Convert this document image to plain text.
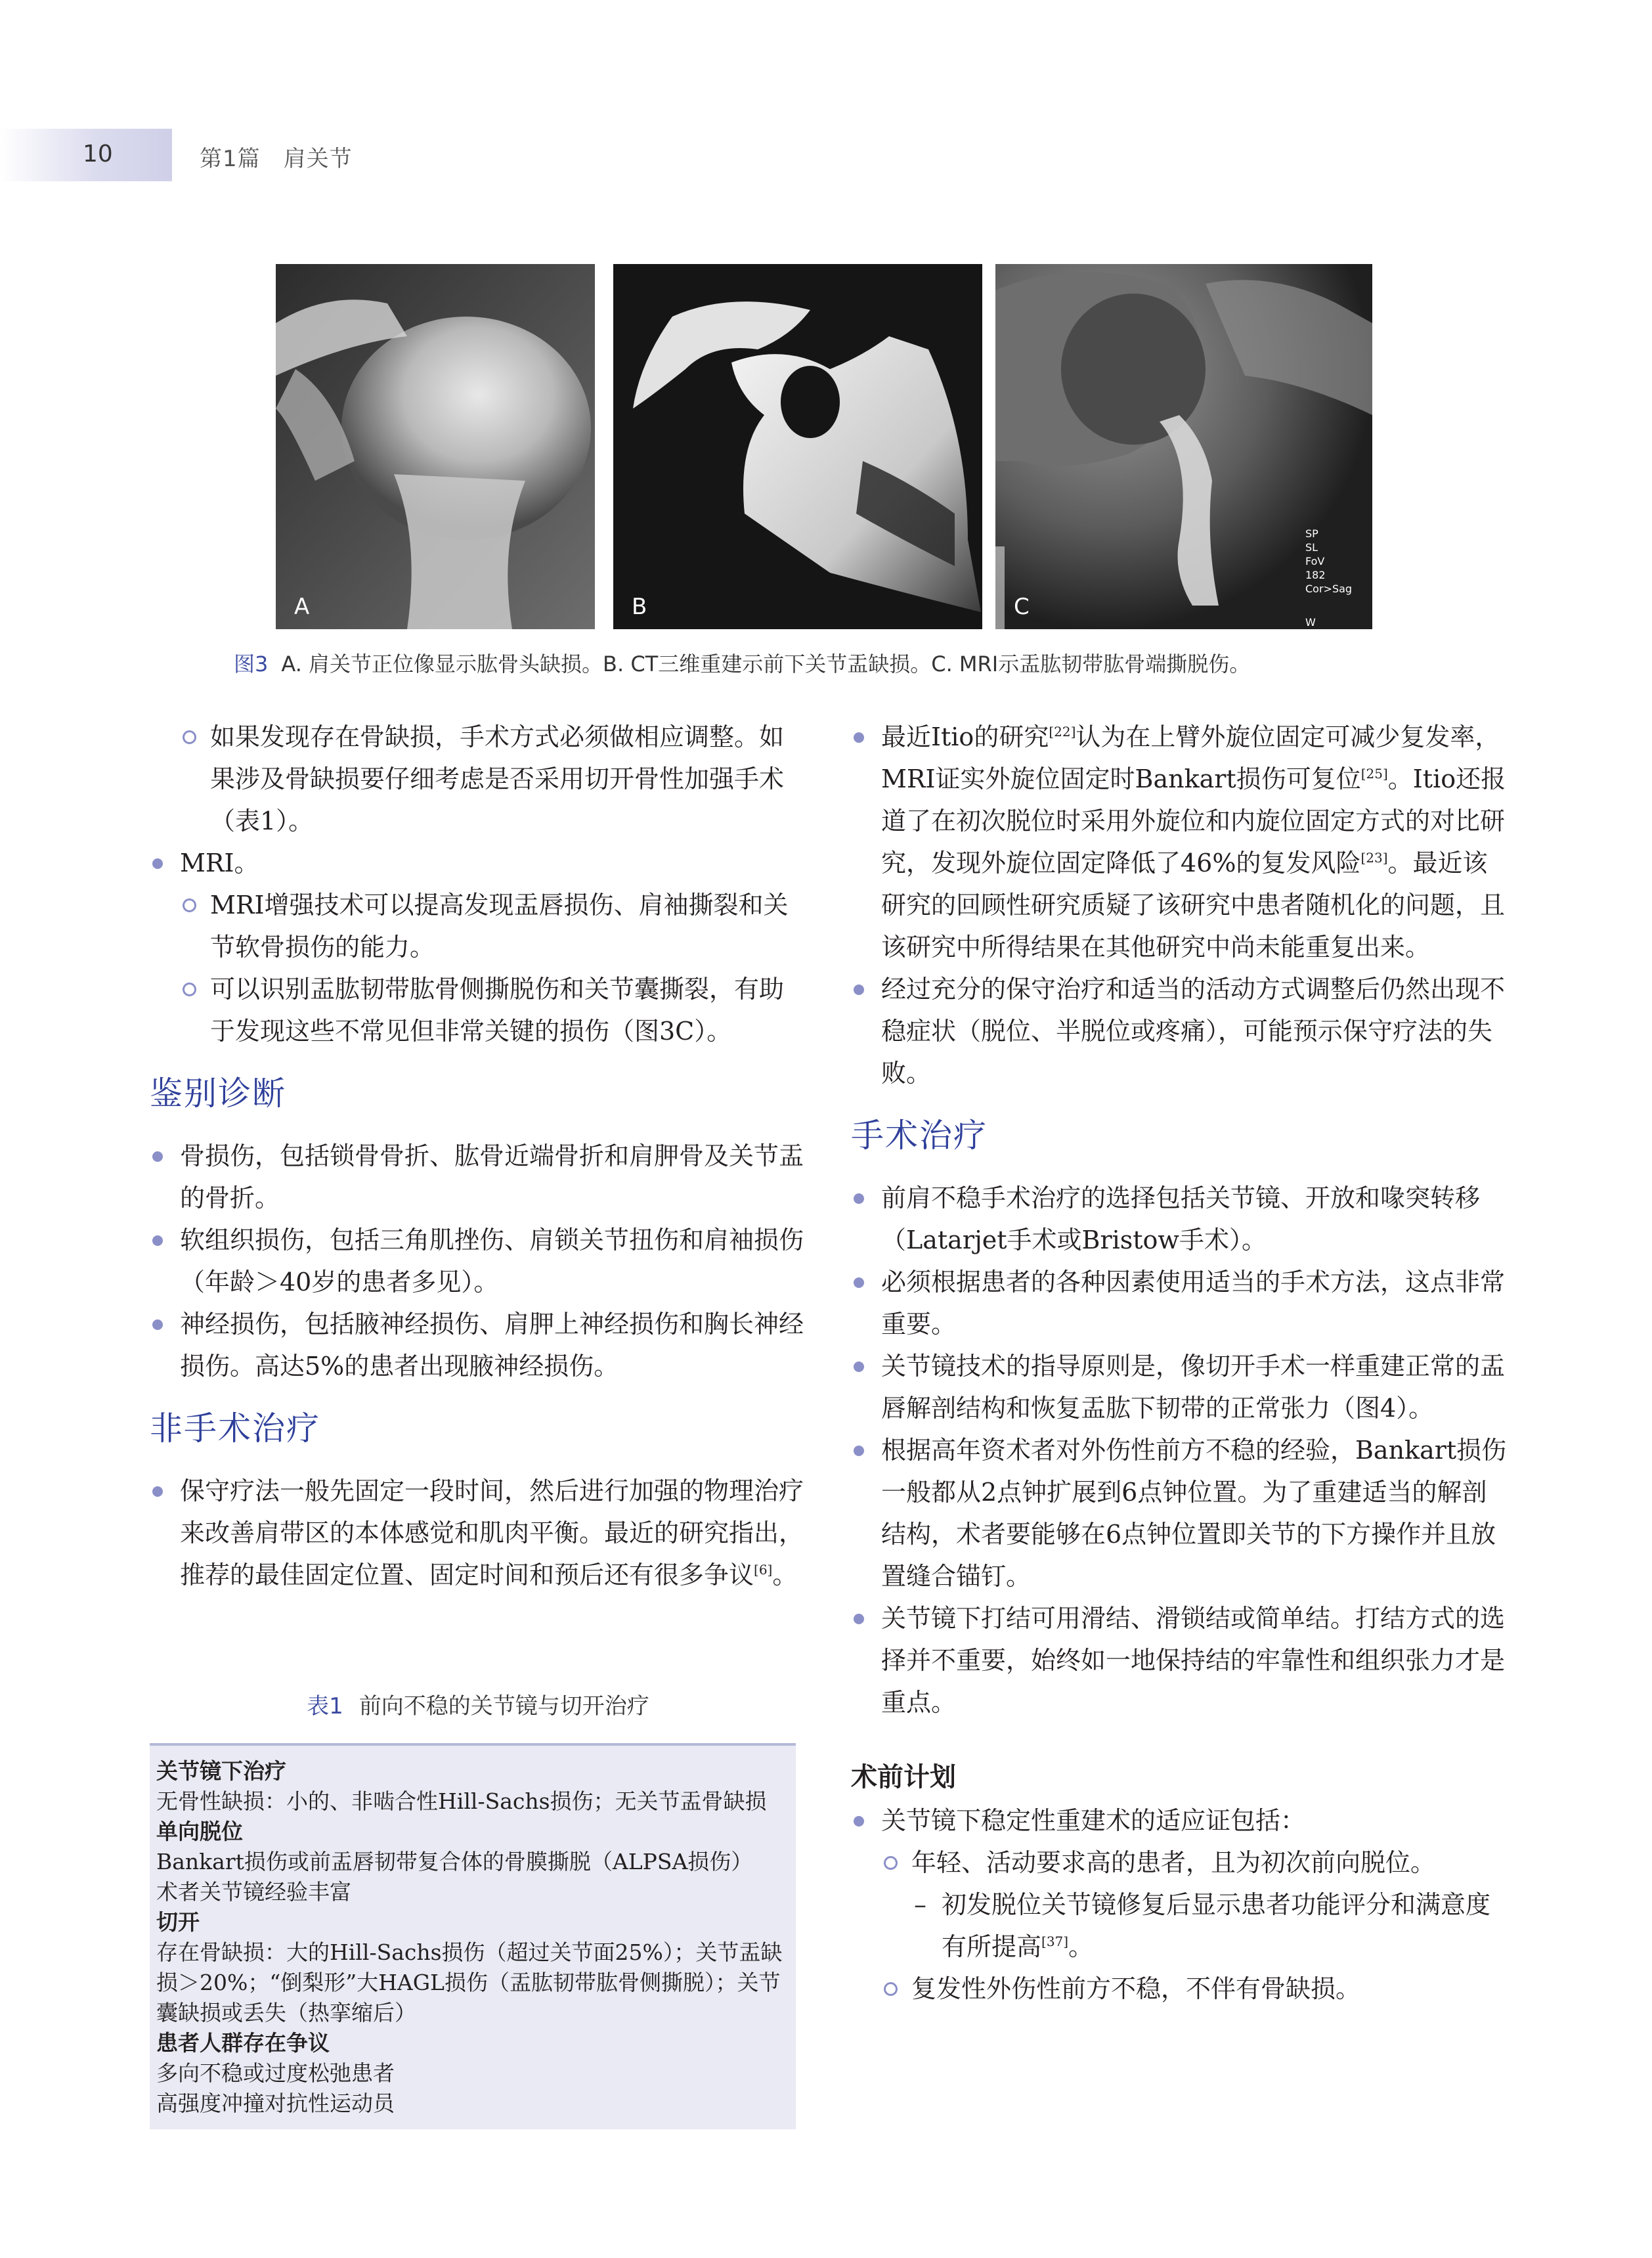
10	第1篇　肩关节
A	B
SP
SL
FoV
182
Cor>Sag
W
C
C
图3 A. 肩关节正位像显示肱骨头缺损。B. CT三维重建示前下关节盂缺损。C. MRI示盂肱韧带肱骨端撕脱伤。
如果发现存在骨缺损，手术方式必须做相应调整。如果涉及骨缺损要仔细考虑是否采用切开骨性加强手术（表1）。
MRI。
MRI增强技术可以提高发现盂唇损伤、肩袖撕裂和关节软骨损伤的能力。
可以识别盂肱韧带肱骨侧撕脱伤和关节囊撕裂，有助于发现这些不常见但非常关键的损伤（图3C）。
鉴别诊断
骨损伤，包括锁骨骨折、肱骨近端骨折和肩胛骨及关节盂的骨折。
软组织损伤，包括三角肌挫伤、肩锁关节扭伤和肩袖损伤（年龄＞40岁的患者多见）。
神经损伤，包括腋神经损伤、肩胛上神经损伤和胸长神经损伤。高达5%的患者出现腋神经损伤。
非手术治疗
保守疗法一般先固定一段时间，然后进行加强的物理治疗来改善肩带区的本体感觉和肌肉平衡。最近的研究指出，推荐的最佳固定位置、固定时间和预后还有很多争议[6]。
表1 前向不稳的关节镜与切开治疗
关节镜下治疗
无骨性缺损：小的、非啮合性Hill-Sachs损伤；无关节盂骨缺损
单向脱位
Bankart损伤或前盂唇韧带复合体的骨膜撕脱（ALPSA损伤）
术者关节镜经验丰富
切开
存在骨缺损：大的Hill-Sachs损伤（超过关节面25%）；关节盂缺损＞20%；“倒梨形”大HAGL损伤（盂肱韧带肱骨侧撕脱）；关节囊缺损或丢失（热挛缩后）
患者人群存在争议
多向不稳或过度松弛患者
高强度冲撞对抗性运动员
最近Itio的研究[22]认为在上臂外旋位固定可减少复发率，MRI证实外旋位固定时Bankart损伤可复位[25]。Itio还报道了在初次脱位时采用外旋位和内旋位固定方式的对比研究，发现外旋位固定降低了46%的复发风险[23]。最近该研究的回顾性研究质疑了该研究中患者随机化的问题，且该研究中所得结果在其他研究中尚未能重复出来。
经过充分的保守治疗和适当的活动方式调整后仍然出现不稳症状（脱位、半脱位或疼痛），可能预示保守疗法的失败。
手术治疗
前肩不稳手术治疗的选择包括关节镜、开放和喙突转移（Latarjet手术或Bristow手术）。
必须根据患者的各种因素使用适当的手术方法，这点非常重要。
关节镜技术的指导原则是，像切开手术一样重建正常的盂唇解剖结构和恢复盂肱下韧带的正常张力（图4）。
根据高年资术者对外伤性前方不稳的经验，Bankart损伤一般都从2点钟扩展到6点钟位置。为了重建适当的解剖结构，术者要能够在6点钟位置即关节的下方操作并且放置缝合锚钉。
关节镜下打结可用滑结、滑锁结或简单结。打结方式的选择并不重要，始终如一地保持结的牢靠性和组织张力才是重点。
术前计划
关节镜下稳定性重建术的适应证包括：
年轻、活动要求高的患者，且为初次前向脱位。
– 初发脱位关节镜修复后显示患者功能评分和满意度有所提高[37]。
复发性外伤性前方不稳，不伴有骨缺损。
